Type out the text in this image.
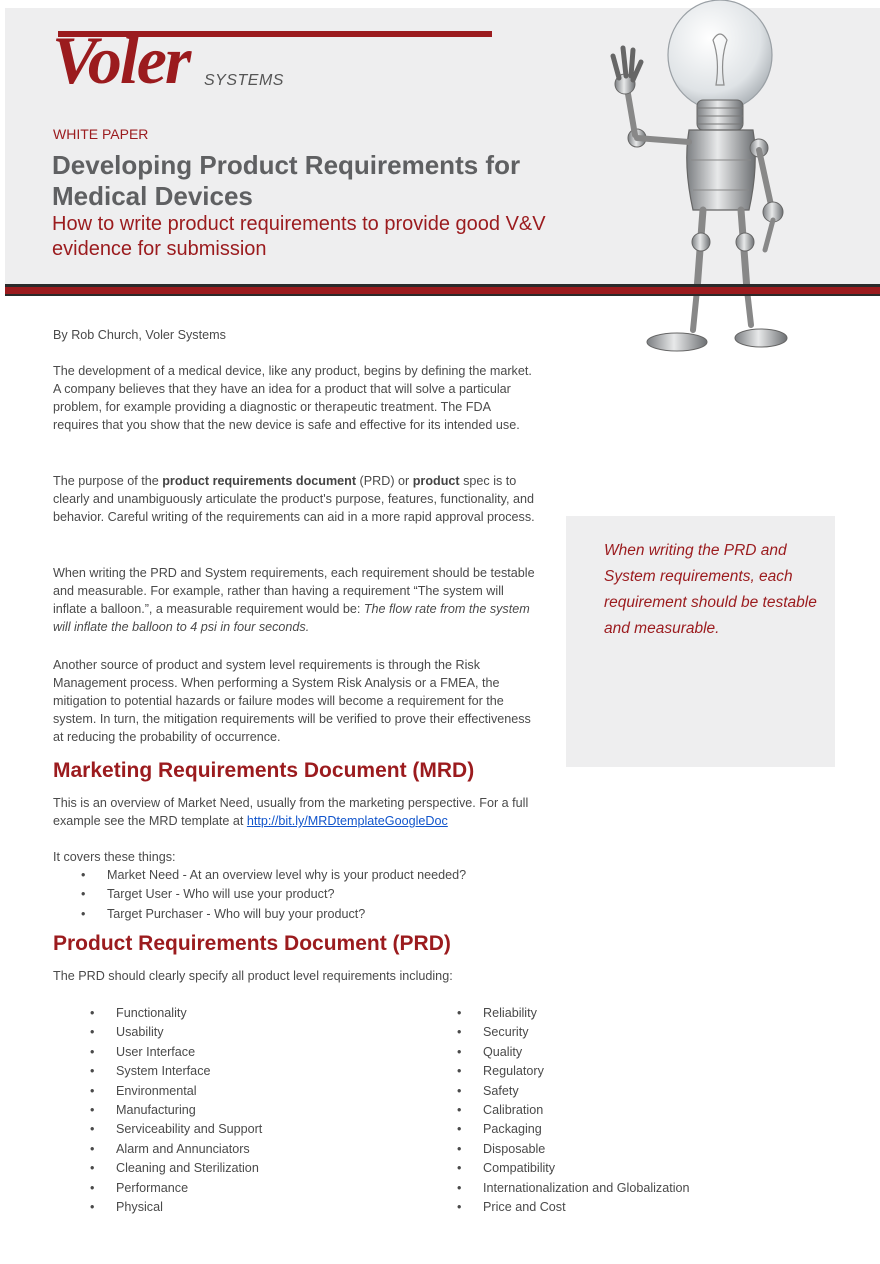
Voler SYSTEMS
WHITE PAPER
Developing Product Requirements for Medical Devices
How to write product requirements to provide good V&V evidence for submission
By Rob Church, Voler Systems
The development of a medical device, like any product, begins by defining the market. A company believes that they have an idea for a product that will solve a particular problem, for example providing a diagnostic or therapeutic treatment. The FDA requires that you show that the new device is safe and effective for its intended use.
The purpose of the product requirements document (PRD) or product spec is to clearly and unambiguously articulate the product's purpose, features, functionality, and behavior. Careful writing of the requirements can aid in a more rapid approval process.
When writing the PRD and System requirements, each requirement should be testable and measurable. For example, rather than having a requirement “The system will inflate a balloon.”, a measurable requirement would be: The flow rate from the system will inflate the balloon to 4 psi in four seconds.
Another source of product and system level requirements is through the Risk Management process. When performing a System Risk Analysis or a FMEA, the mitigation to potential hazards or failure modes will become a requirement for the system. In turn, the mitigation requirements will be verified to prove their effectiveness at reducing the probability of occurrence.

When writing the PRD and System requirements, each requirement should be testable and measurable.

Marketing Requirements Document (MRD)
This is an overview of Market Need, usually from the marketing perspective. For a full example see the MRD template at http://bit.ly/MRDtemplateGoogleDoc
It covers these things:
• Market Need - At an overview level why is your product needed?
• Target User - Who will use your product?
• Target Purchaser - Who will buy your product?
Product Requirements Document (PRD)
The PRD should clearly specify all product level requirements including:
• Functionality
• Usability
• User Interface
• System Interface
• Environmental
• Manufacturing
• Serviceability and Support
• Alarm and Annunciators
• Cleaning and Sterilization
• Performance
• Physical
• Reliability
• Security
• Quality
• Regulatory
• Safety
• Calibration
• Packaging
• Disposable
• Compatibility
• Internationalization and Globalization
• Price and Cost
